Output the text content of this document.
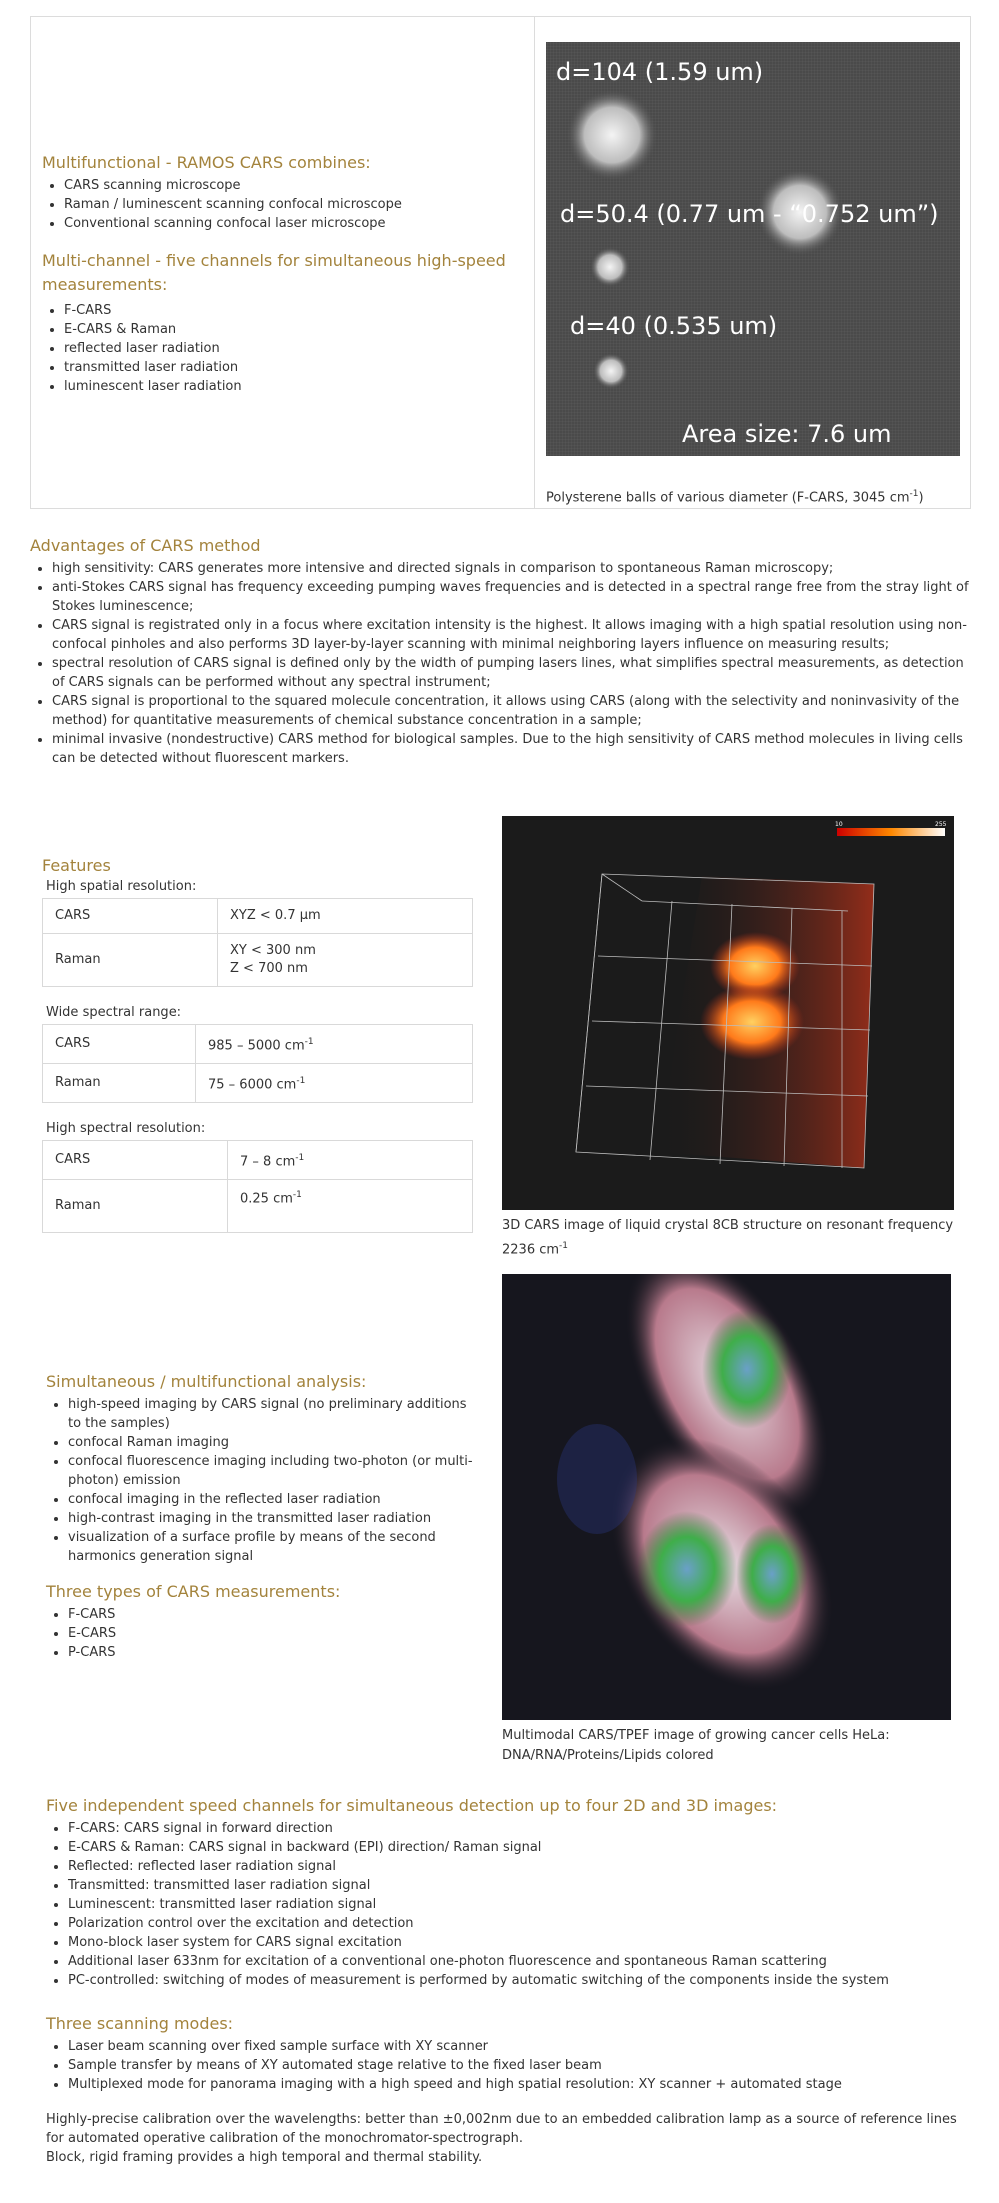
Multifunctional - RAMOS CARS combines:
• CARS scanning microscope
• Raman / luminescent scanning confocal microscope
• Conventional scanning confocal laser microscope
Multi-channel - five channels for simultaneous high-speed measurements:
• F-CARS
• E-CARS & Raman
• reflected laser radiation
• transmitted laser radiation
• luminescent laser radiation
d=104 (1.59 um)
d=50.4 (0.77 um - “0.752 um”)
d=40 (0.535 um)
Area size: 7.6 um
Polysterene balls of various diameter (F-CARS, 3045 $cm^{-1}$)
Advantages of CARS method
• high sensitivity: CARS generates more intensive and directed signals in comparison to spontaneous Raman microscopy;
• anti-Stokes CARS signal has frequency exceeding pumping waves frequencies and is detected in a spectral range free from the stray light of Stokes luminescence;
• CARS signal is registrated only in a focus where excitation intensity is the highest. It allows imaging with a high spatial resolution using non-confocal pinholes and also performs 3D layer-by-layer scanning with minimal neighboring layers influence on measuring results;
• spectral resolution of CARS signal is defined only by the width of pumping lasers lines, what simplifies spectral measurements, as detection of CARS signals can be performed without any spectral instrument;
• CARS signal is proportional to the squared molecule concentration, it allows using CARS (along with the selectivity and noninvasivity of the method) for quantitative measurements of chemical substance concentration in a sample;
• minimal invasive (nondestructive) CARS method for biological samples. Due to the high sensitivity of CARS method molecules in living cells can be detected without fluorescent markers.
Features
High spatial resolution:
CARS	XYZ < 0.7 μm
Raman	XY < 300 nm
Z < 700 nm
Wide spectral range:
CARS	985 – 5000 $cm^{-1}$
Raman	75 – 6000 $cm^{-1}$
High spectral resolution:
CARS	7 – 8 $cm^{-1}$
Raman	0.25 $cm^{-1}$
10	255
3D CARS image of liquid crystal 8CB structure on resonant frequency 2236 $cm^{-1}$
Simultaneous / multifunctional analysis:
• high-speed imaging by CARS signal (no preliminary additions to the samples)
• confocal Raman imaging
• confocal fluorescence imaging including two-photon (or multi-photon) emission
• confocal imaging in the reflected laser radiation
• high-contrast imaging in the transmitted laser radiation
• visualization of a surface profile by means of the second harmonics generation signal
Three types of CARS measurements:
• F-CARS
• E-CARS
• P-CARS
Multimodal CARS/TPEF image of growing cancer cells HeLa: DNA/RNA/Proteins/Lipids colored
Five independent speed channels for simultaneous detection up to four 2D and 3D images:
• F-CARS: CARS signal in forward direction
• E-CARS & Raman: CARS signal in backward (EPI) direction/ Raman signal
• Reflected: reflected laser radiation signal
• Transmitted: transmitted laser radiation signal
• Luminescent: transmitted laser radiation signal
• Polarization control over the excitation and detection
• Mono-block laser system for CARS signal excitation
• Additional laser 633nm for excitation of a conventional one-photon fluorescence and spontaneous Raman scattering
• PC-controlled: switching of modes of measurement is performed by automatic switching of the components inside the system
Three scanning modes:
• Laser beam scanning over fixed sample surface with XY scanner
• Sample transfer by means of XY automated stage relative to the fixed laser beam
• Multiplexed mode for panorama imaging with a high speed and high spatial resolution: XY scanner + automated stage
Highly-precise calibration over the wavelengths: better than ±0,002nm due to an embedded calibration lamp as a source of reference lines for automated operative calibration of the monochromator-spectrograph.
Block, rigid framing provides a high temporal and thermal stability.
